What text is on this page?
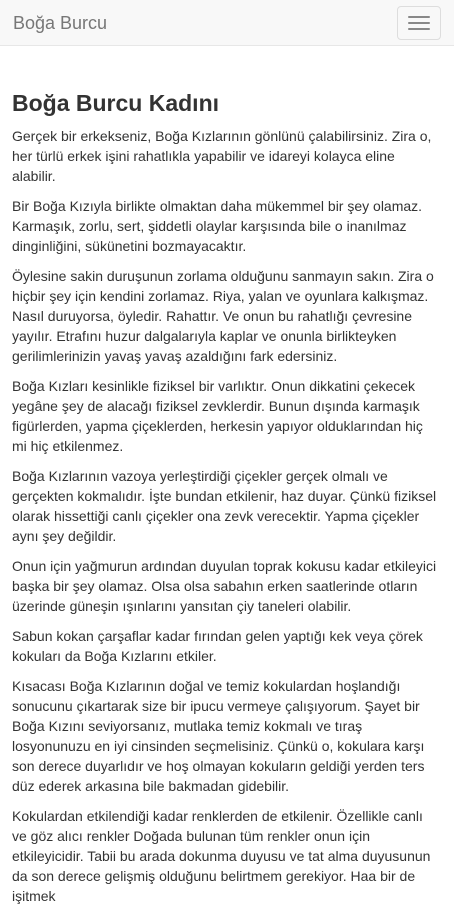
Boğa Burcu
Boğa Burcu Kadını

Gerçek bir erkekseniz, Boğa Kızlarının gönlünü çalabilirsiniz. Zira o, her türlü erkek işini rahatlıkla yapabilir ve idareyi kolayca eline alabilir.

Bir Boğa Kızıyla birlikte olmaktan daha mükemmel bir şey olamaz. Karmaşık, zorlu, sert, şiddetli olaylar karşısında bile o inanılmaz dinginliğini, sükünetini bozmayacaktır.

Öylesine sakin duruşunun zorlama olduğunu sanmayın sakın. Zira o hiçbir şey için kendini zorlamaz. Riya, yalan ve oyunlara kalkışmaz. Nasıl duruyorsa, öyledir. Rahattır. Ve onun bu rahatlığı çevresine yayılır. Etrafını huzur dalgalarıyla kaplar ve onunla birlikteyken gerilimlerinizin yavaş yavaş azaldığını fark edersiniz.

Boğa Kızları kesinlikle fiziksel bir varlıktır. Onun dikkatini çekecek yegâne şey de alacağı fiziksel zevklerdir. Bunun dışında karmaşık figürlerden, yapma çiçeklerden, herkesin yapıyor olduklarından hiç mi hiç etkilenmez.

Boğa Kızlarının vazoya yerleştirdiği çiçekler gerçek olmalı ve gerçekten kokmalıdır. İşte bundan etkilenir, haz duyar. Çünkü fiziksel olarak hissettiği canlı çiçekler ona zevk verecektir. Yapma çiçekler aynı şey değildir.

Onun için yağmurun ardından duyulan toprak kokusu kadar etkileyici başka bir şey olamaz. Olsa olsa sabahın erken saatlerinde otların üzerinde güneşin ışınlarını yansıtan çiy taneleri olabilir.

Sabun kokan çarşaflar kadar fırından gelen yaptığı kek veya çörek kokuları da Boğa Kızlarını etkiler.

Kısacası Boğa Kızlarının doğal ve temiz kokulardan hoşlandığı sonucunu çıkartarak size bir ipucu vermeye çalışıyorum. Şayet bir Boğa Kızını seviyorsanız, mutlaka temiz kokmalı ve tıraş losyonunuzu en iyi cinsinden seçmelisiniz. Çünkü o, kokulara karşı son derece duyarlıdır ve hoş olmayan kokuların geldiği yerden ters düz ederek arkasına bile bakmadan gidebilir.

Kokulardan etkilendiği kadar renklerden de etkilenir. Özellikle canlı ve göz alıcı renkler Doğada bulunan tüm renkler onun için etkileyicidir. Tabii bu arada dokunma duyusu ve tat alma duyusunun da son derece gelişmiş olduğunu belirtmem gerekiyor. Haa bir de işitmek
